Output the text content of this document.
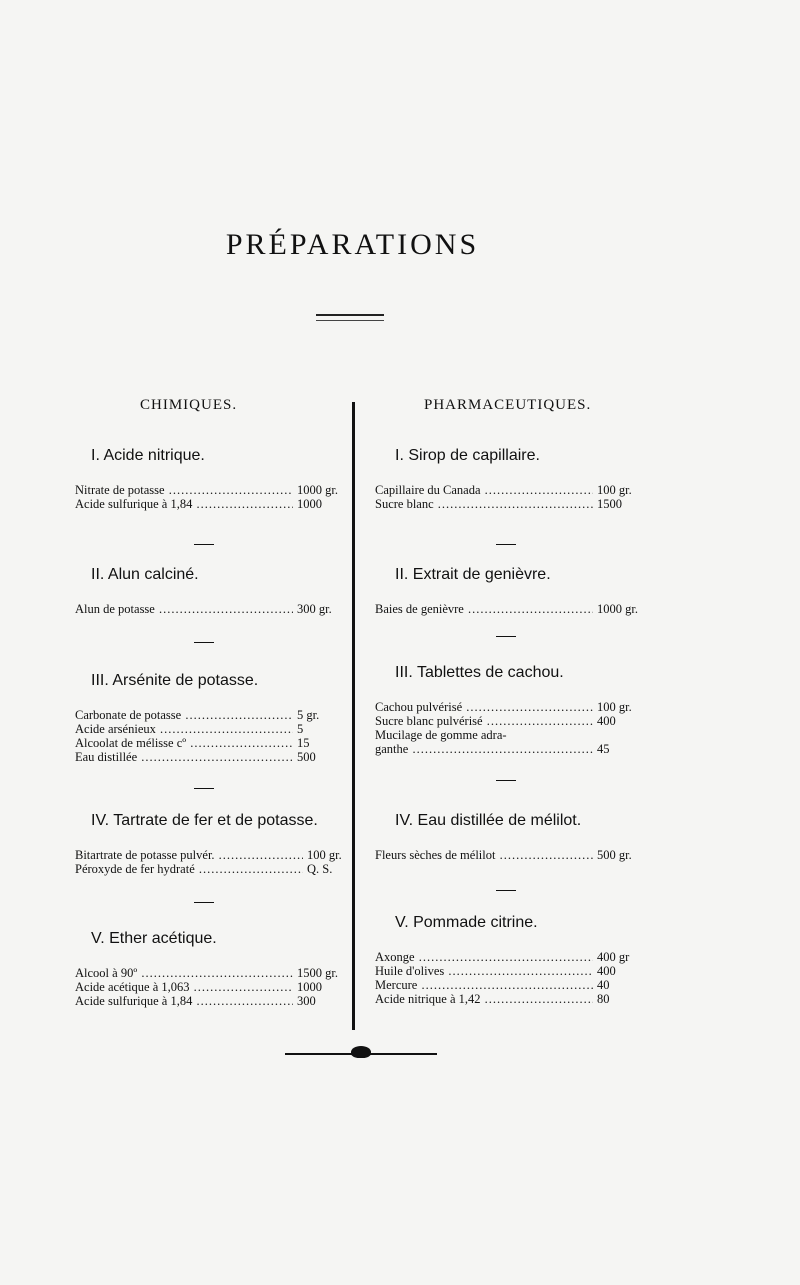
PRÉPARATIONS
CHIMIQUES.	PHARMACEUTIQUES.
I. Acide nitrique.
Nitrate de potasse .....	1000 gr.
Acide sulfurique à 1,84 .....	1000
II. Alun calciné.
Alun de potasse .....	300 gr.
III. Arsénite de potasse.
Carbonate de potasse .....	5 gr.
Acide arsénieux .....	5
Alcoolat de mélisse cº .....	15
Eau distillée .....	500
IV. Tartrate de fer et de potasse.
Bitartrate de potasse pulvér. .....	100 gr.
Péroxyde de fer hydraté .....	Q. S.
V. Ether acétique.
Alcool à 90º .....	1500 gr.
Acide acétique à 1,063 .....	1000
Acide sulfurique à 1,84 .....	300
I. Sirop de capillaire.
Capillaire du Canada .....	100 gr.
Sucre blanc .....	1500
II. Extrait de genièvre.
Baies de genièvre .....	1000 gr.
III. Tablettes de cachou.
Cachou pulvérisé .....	100 gr.
Sucre blanc pulvérisé .....	400
Mucilage de gomme adra-
ganthe .....	45
IV. Eau distillée de mélilot.
Fleurs sèches de mélilot .....	500 gr.
V. Pommade citrine.
Axonge .....	400 gr
Huile d'olives .....	400
Mercure .....	40
Acide nitrique à 1,42 .....	80
